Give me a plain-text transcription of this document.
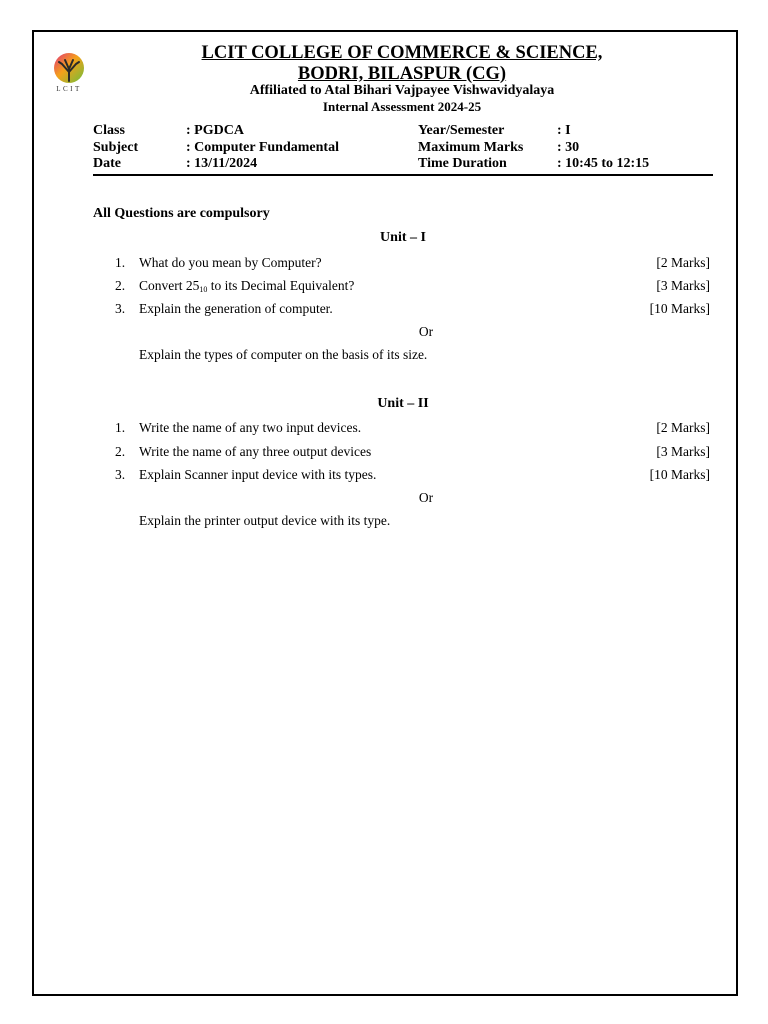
LCIT
LCIT COLLEGE OF COMMERCE & SCIENCE,
BODRI, BILASPUR (CG)
Affiliated to Atal Bihari Vajpayee Vishwavidyalaya
Internal Assessment 2024-25
Class	: PGDCA	Year/Semester	: I
Subject	: Computer Fundamental	Maximum Marks : 30
Date	: 13/11/2024	Time Duration	: 10:45 to 12:15
All Questions are compulsory
Unit – I
1. What do you mean by Computer?	[2 Marks]
2. Convert $25_{10}$ to its Decimal Equivalent?	[3 Marks]
3. Explain the generation of computer.	[10 Marks]
Or
Explain the types of computer on the basis of its size.
Unit – II
1. Write the name of any two input devices.	[2 Marks]
2. Write the name of any three output devices	[3 Marks]
3. Explain Scanner input device with its types.	[10 Marks]
Or
Explain the printer output device with its type.
